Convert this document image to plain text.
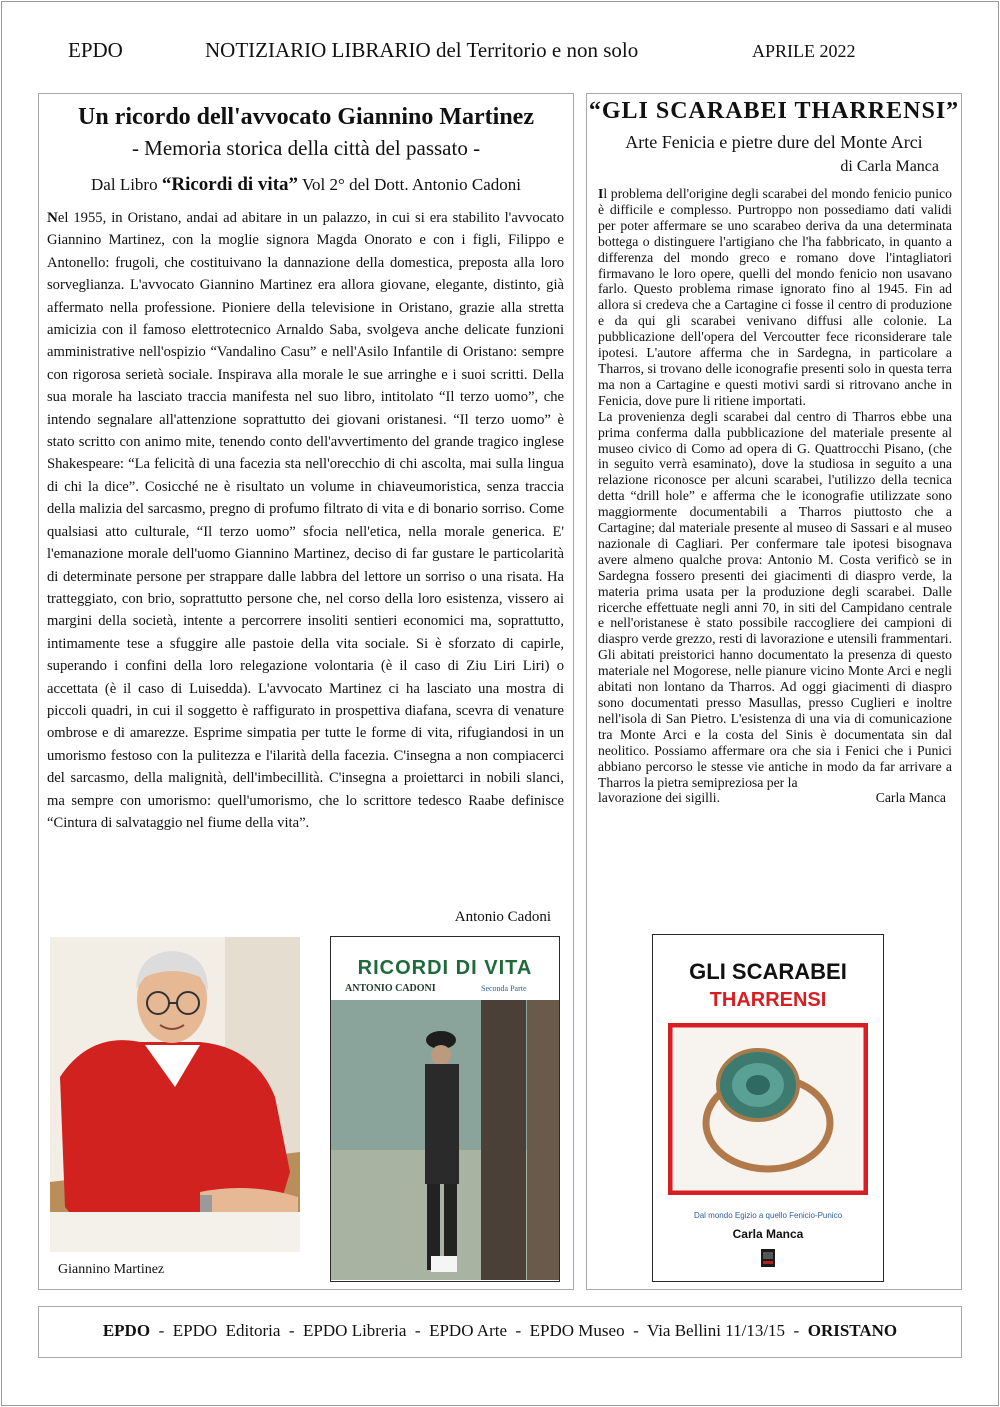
EPDO	NOTIZIARIO LIBRARIO del Territorio e non solo	APRILE 2022
Un ricordo dell'avvocato Giannino Martinez
- Memoria storica della città del passato -
Dal Libro “Ricordi di vita” Vol 2° del Dott. Antonio Cadoni
Nel 1955, in Oristano, andai ad abitare in un palazzo, in cui si era stabilito l'avvocato Giannino Martinez, con la moglie signora Magda Onorato e con i figli, Filippo e Antonello: frugoli, che costituivano la dannazione della domestica, preposta alla loro sorveglianza. L'avvocato Giannino Martinez era allora giovane, elegante, distinto, già affermato nella professione. Pioniere della televisione in Oristano, grazie alla stretta amicizia con il famoso elettrotecnico Arnaldo Saba, svolgeva anche delicate funzioni amministrative nell'ospizio “Vandalino Casu” e nell'Asilo Infantile di Oristano: sempre con rigorosa serietà sociale. Inspirava alla morale le sue arringhe e i suoi scritti. Della sua morale ha lasciato traccia manifesta nel suo libro, intitolato “Il terzo uomo”, che intendo segnalare all'attenzione soprattutto dei giovani oristanesi. “Il terzo uomo” è stato scritto con animo mite, tenendo conto dell'avvertimento del grande tragico inglese Shakespeare: “La felicità di una facezia sta nell'orecchio di chi ascolta, mai sulla lingua di chi la dice”. Cosicché ne è risultato un volume in chiaveumoristica, senza traccia della malizia del sarcasmo, pregno di profumo filtrato di vita e di bonario sorriso. Come qualsiasi atto culturale, “Il terzo uomo” sfocia nell'etica, nella morale generica. E' l'emanazione morale dell'uomo Giannino Martinez, deciso di far gustare le particolarità di determinate persone per strappare dalle labbra del lettore un sorriso o una risata. Ha tratteggiato, con brio, soprattutto persone che, nel corso della loro esistenza, vissero ai margini della società, intente a percorrere insoliti sentieri economici ma, soprattutto, intimamente tese a sfuggire alle pastoie della vita sociale. Si è sforzato di capirle, superando i confini della loro relegazione volontaria (è il caso di Ziu Liri Liri) o accettata (è il caso di Luisedda). L'avvocato Martinez ci ha lasciato una mostra di piccoli quadri, in cui il soggetto è raffigurato in prospettiva diafana, scevra di venature ombrose e di amarezze. Esprime simpatia per tutte le forme di vita, rifugiandosi in un umorismo festoso con la pulitezza e l'ilarità della facezia. C'insegna a non compiacerci del sarcasmo, della malignità, dell'imbecillità. C'insegna a proiettarci in nobili slanci, ma sempre con umorismo: quell'umorismo, che lo scrittore tedesco Raabe definisce “Cintura di salvataggio nel fiume della vita”.
Antonio Cadoni
“GLI SCARABEI THARRENSI”
Arte Fenicia e pietre dure del Monte Arci
di Carla Manca

Il problema dell'origine degli scarabei del mondo fenicio punico è difficile e complesso. Purtroppo non possediamo dati validi per poter affermare se uno scarabeo deriva da una determinata bottega o distinguere l'artigiano che l'ha fabbricato, in quanto a differenza del mondo greco e romano dove l'intagliatori firmavano le loro opere, quelli del mondo fenicio non usavano farlo. Questo problema rimase ignorato fino al 1945. Fin ad allora si credeva che a Cartagine ci fosse il centro di produzione e da qui gli scarabei venivano diffusi alle colonie. La pubblicazione dell'opera del Vercoutter fece riconsiderare tale ipotesi. L'autore afferma che in Sardegna, in particolare a Tharros, si trovano delle iconografie presenti solo in questa terra ma non a Cartagine e questi motivi sardi si ritrovano anche in Fenicia, dove pure li ritiene importati.

La provenienza degli scarabei dal centro di Tharros ebbe una prima conferma dalla pubblicazione del materiale presente al museo civico di Como ad opera di G. Quattrocchi Pisano, (che in seguito verrà esaminato), dove la studiosa in seguito a una relazione riconosce per alcuni scarabei, l'utilizzo della tecnica detta “drill hole” e afferma che le iconografie utilizzate sono maggiormente documentabili a Tharros piuttosto che a Cartagine; dal materiale presente al museo di Sassari e al museo nazionale di Cagliari. Per confermare tale ipotesi bisognava avere almeno qualche prova: Antonio M. Costa verificò se in Sardegna fossero presenti dei giacimenti di diaspro verde, la materia prima usata per la produzione degli scarabei. Dalle ricerche effettuate negli anni 70, in siti del Campidano centrale e nell'oristanese è stato possibile raccogliere dei campioni di diaspro verde grezzo, resti di lavorazione e utensili frammentari. Gli abitati preistorici hanno documentato la presenza di questo materiale nel Mogorese, nelle pianure vicino Monte Arci e negli abitati non lontano da Tharros. Ad oggi giacimenti di diaspro sono documentati presso Masullas, presso Cuglieri e inoltre nell'isola di San Pietro. L'esistenza di una via di comunicazione tra Monte Arci e la costa del Sinis è documentata sin dal neolitico. Possiamo affermare ora che sia i Fenici che i Punici abbiano percorso le stesse vie antiche in modo da far arrivare a Tharros la pietra semipreziosa per la

lavorazione dei sigilli.	Carla Manca

Giannino Martinez
RICORDI DI VITA
ANTONIO CADONI	Seconda Parte
GLI SCARABEI
THARRENSI
Dal mondo Egizio a quello Fenicio-Punico
Carla Manca
EPDO  -  EPDO  Editoria  -  EPDO Libreria  -  EPDO Arte  -  EPDO Museo  -  Via Bellini 11/13/15  -  ORISTANO
